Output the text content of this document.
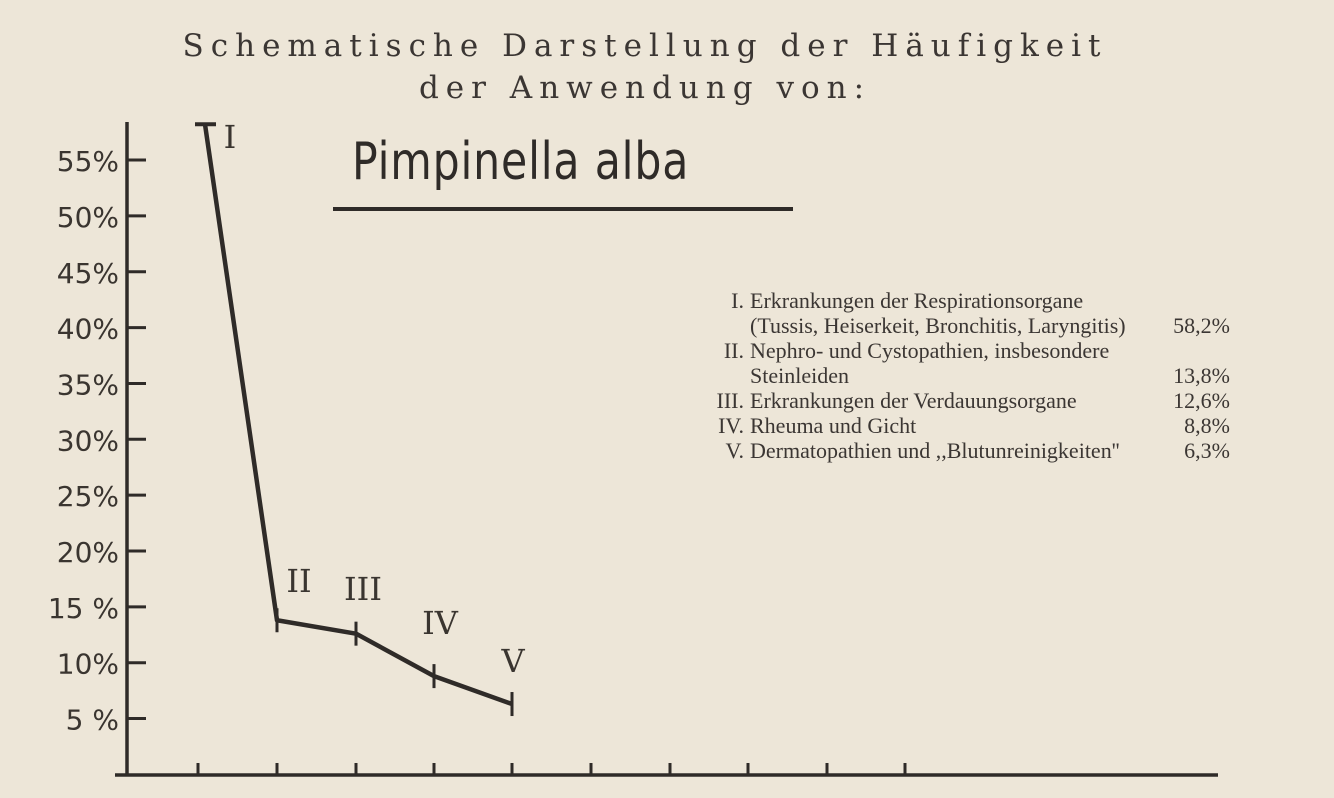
Schematische Darstellung der Häufigkeit
der Anwendung von:
Pimpinella alba
5 %
10%
15 %
20%
25%
30%
35%
40%
45%
50%
55%
I
II III
IV
V
I. Erkrankungen der Respirationsorgane (Tussis, Heiserkeit, Bronchitis, Laryngitis)	58,2%
II. Nephro- und Cystopathien, insbesondere Steinleiden	13,8%
III. Erkrankungen der Verdauungsorgane	12,6%
IV. Rheuma und Gicht	8,8%
V. Dermatopathien und ,,Blutunreinigkeiten''	6,3%
